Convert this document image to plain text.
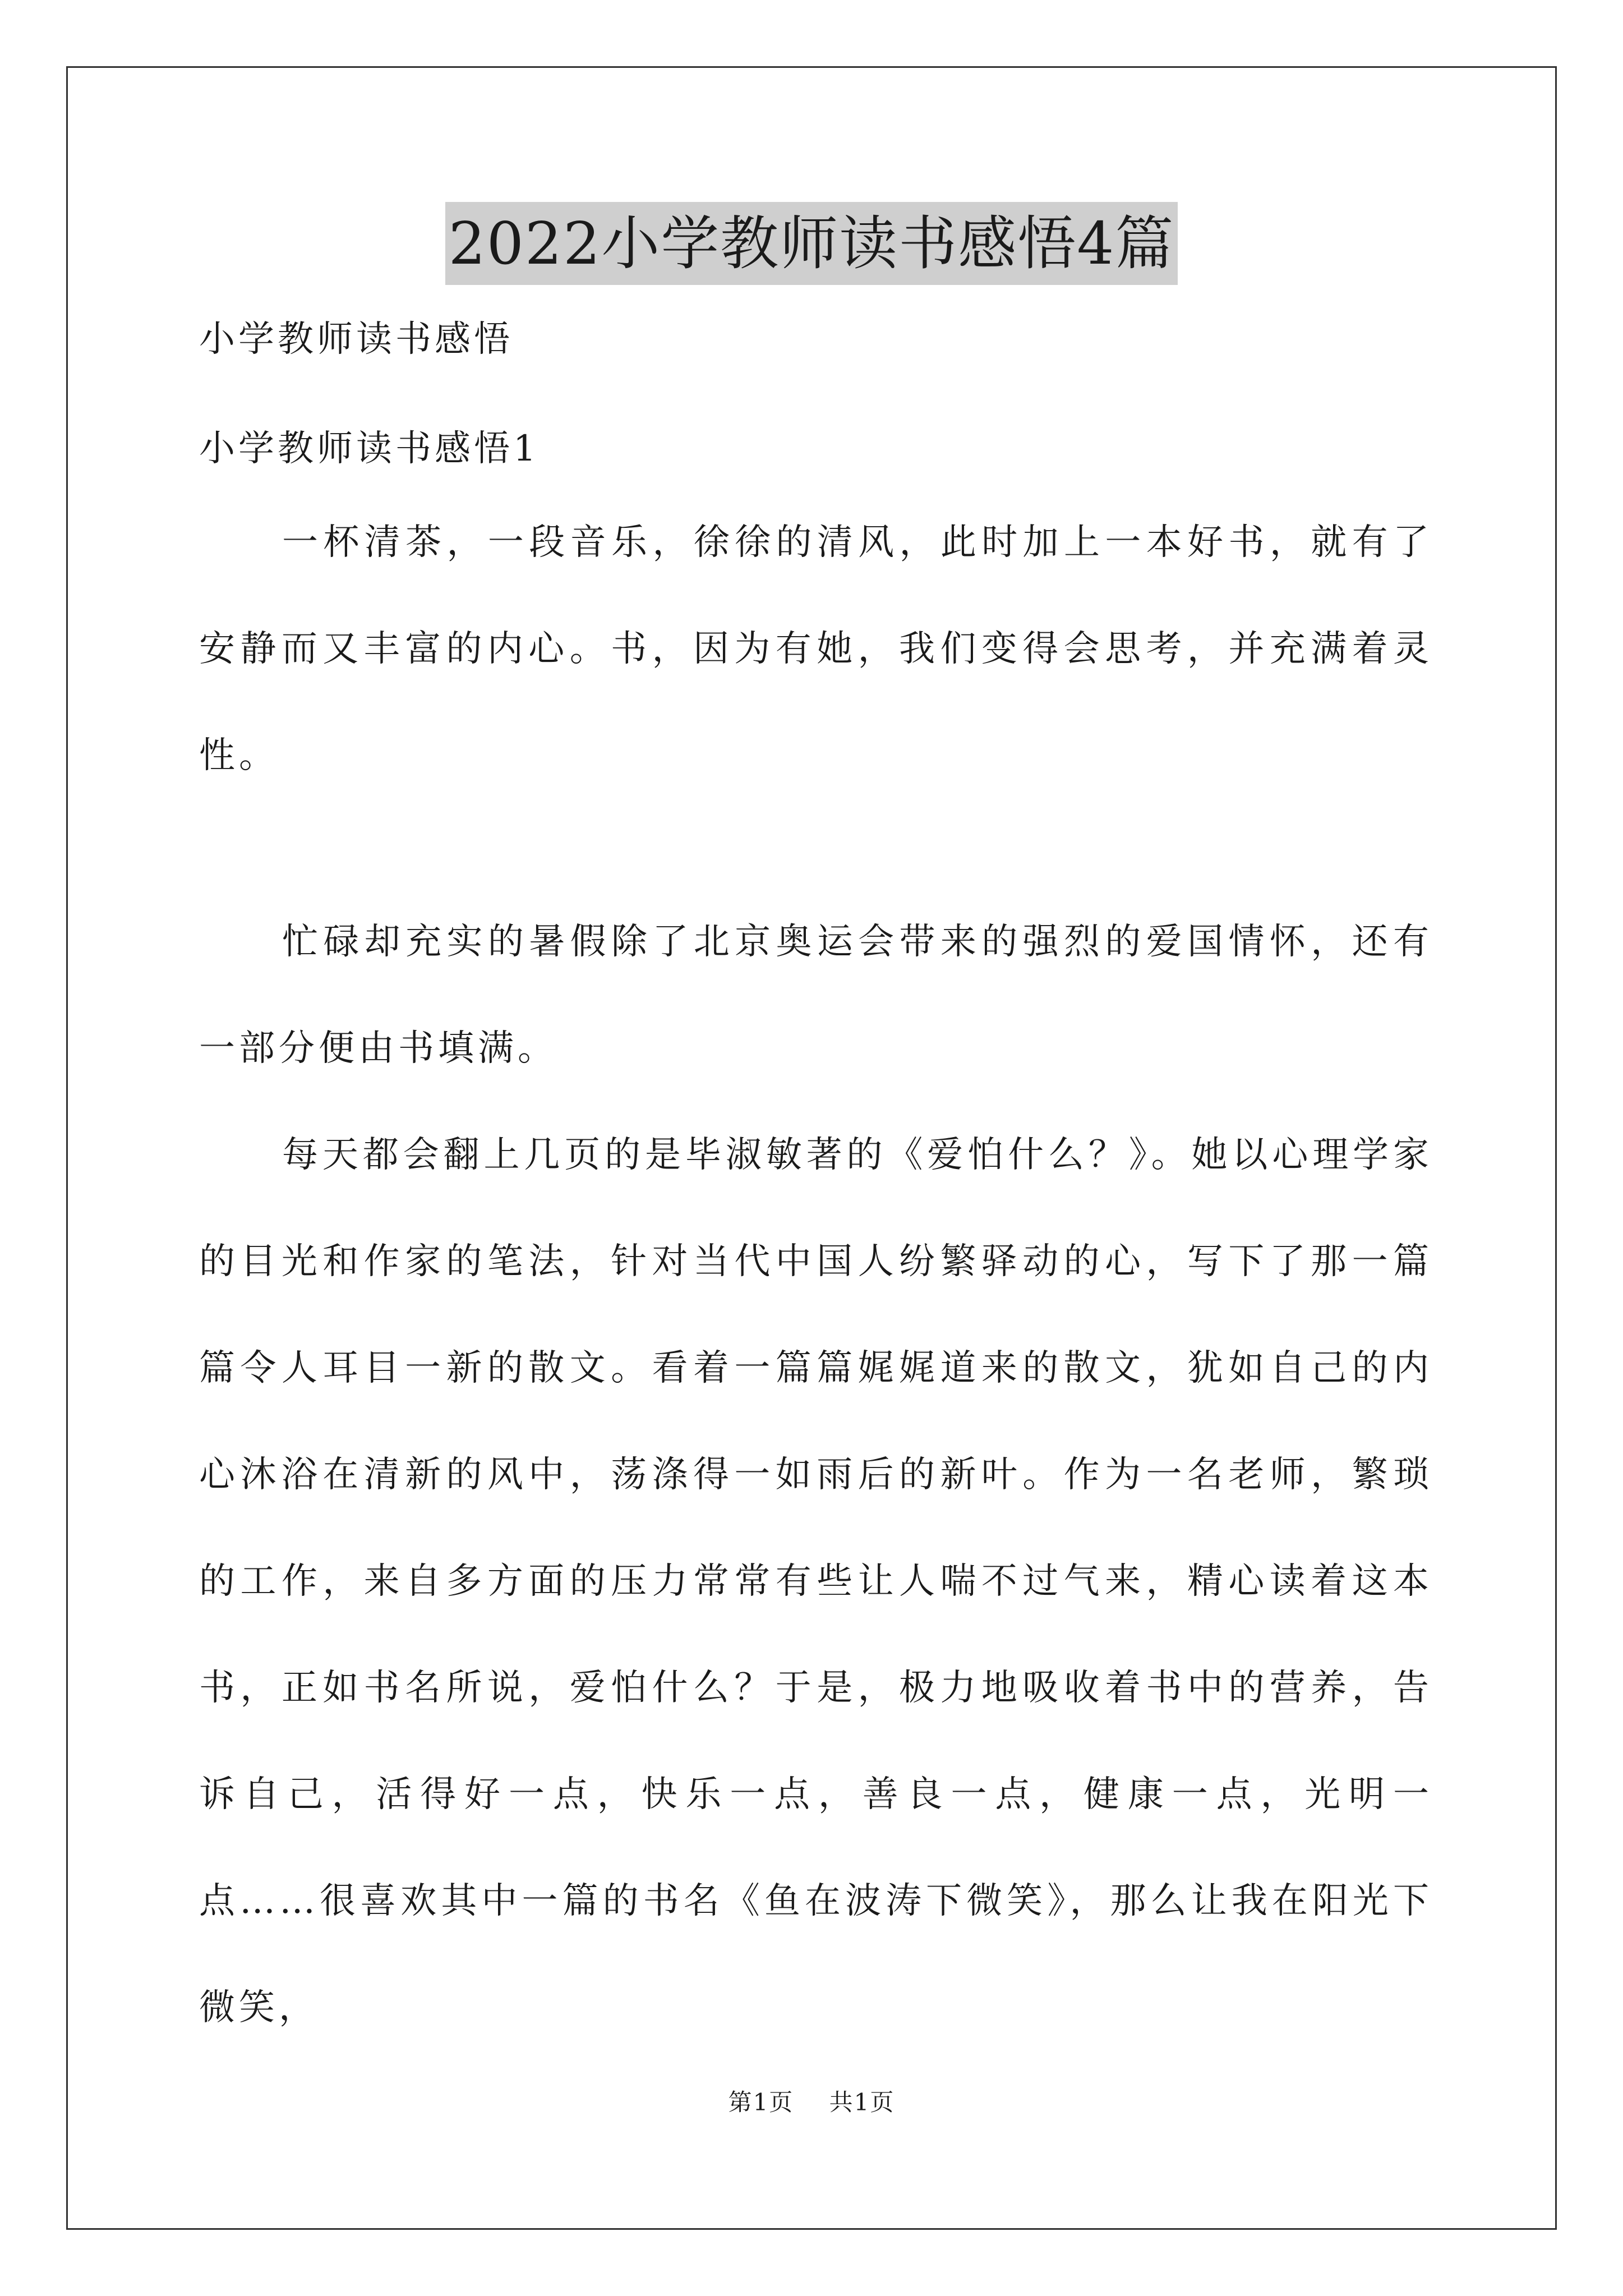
2022小学教师读书感悟4篇

小学教师读书感悟

小学教师读书感悟1

一杯清茶，一段音乐，徐徐的清风，此时加上一本好书，就有了安静而又丰富的内心。书，因为有她，我们变得会思考，并充满着灵性。

忙碌却充实的暑假除了北京奥运会带来的强烈的爱国情怀，还有一部分便由书填满。

每天都会翻上几页的是毕淑敏著的《爱怕什么？》。她以心理学家的目光和作家的笔法，针对当代中国人纷繁驿动的心，写下了那一篇篇令人耳目一新的散文。看着一篇篇娓娓道来的散文，犹如自己的内心沐浴在清新的风中，荡涤得一如雨后的新叶。作为一名老师，繁琐的工作，来自多方面的压力常常有些让人喘不过气来，精心读着这本书，正如书名所说，爱怕什么？于是，极力地吸收着书中的营养，告诉自己，活得好一点，快乐一点，善良一点，健康一点，光明一点……很喜欢其中一篇的书名《鱼在波涛下微笑》，那么让我在阳光下微笑，

第1页 共1页
